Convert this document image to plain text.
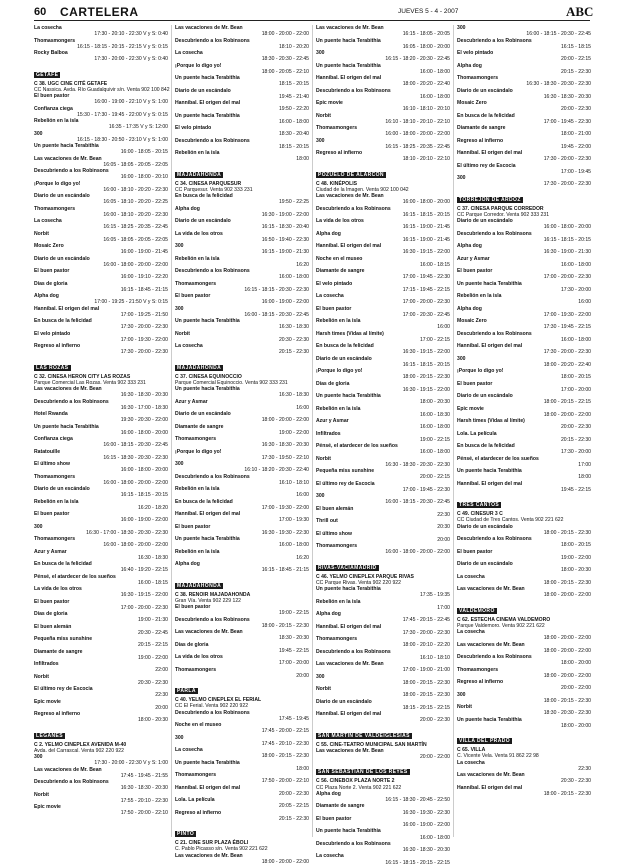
60 CARTELERA	JUEVES 5 - 4 - 2007	ABC
La cosecha
17:30 - 20:10 - 22:30 V y S: 0:40
Thomasmongers
16:15 - 18:15 - 20:15 - 22:15 V y S: 0:15
Rocky Balboa
17:30 - 20:00 - 22:30 V y S: 0:40
GETAFE
C 38. UGC CINE CITÉ GETAFE
CC Nassica. Avda. Río Guadalquivir s/n. Venta 902 100 842
El buen pastor
16:00 - 19:00 - 22:10 V y S: 1:00
Confianza ciega
15:30 - 17:30 - 19:45 - 22:00 V y S: 0:15
Rebelión en la isla
16:35 - 17:35 V y S: 12:00
300
16:15 - 18:30 - 20:50 - 23:10 V y S: 1:00
Un puente hacia Terabithia
16:00 - 18:05 - 20:15
Las vacaciones de Mr. Bean
16:05 - 18:05 - 20:05 - 22:05
Descubriendo a los Robinsons
16:00 - 18:00 - 20:10
¡Porque lo digo yo!
16:00 - 18:10 - 20:20 - 22:30
Diario de un escándalo
16:05 - 18:10 - 20:20 - 22:25
Thomasmongers
16:00 - 18:10 - 20:20 - 22:30
La cosecha
16:15 - 18:25 - 20:35 - 22:45
Norbit
16:05 - 18:05 - 20:05 - 22:05
Mosaic Zero
16:00 - 19:00 - 21:45
Diario de un escándalo
16:00 - 18:00 - 20:00 - 22:00
El buen pastor
16:00 - 19:10 - 22:20
Días de gloria
16:15 - 18:45 - 21:15
Alpha dog
17:00 - 19:25 - 21:50 V y S: 0:15
Hannibal. El origen del mal
17:00 - 19:25 - 21:50
En busca de la felicidad
17:30 - 20:00 - 22:30
El velo pintado
17:00 - 19:30 - 22:00
Regreso al infierno
17:30 - 20:00 - 22:30
LAS ROZAS
C 32. CINESA HERON CITY LAS ROZAS
Parque Comercial Las Rozas. Venta 902 333 231
Las vacaciones de Mr. Bean
16:30 - 18:30 - 20:30
Descubriendo a los Robinsons
16:30 - 17:00 - 18:30
Hotel Rwanda
19:30 - 20:30 - 22:00
Un puente hacia Terabithia
16:00 - 18:00 - 20:00
Confianza ciega
16:00 - 18:15 - 20:30 - 22:45
Ratatouille
16:15 - 18:30 - 20:30 - 22:30
El último show
16:00 - 18:00 - 20:00
Thomasmongers
16:00 - 18:00 - 20:00 - 22:00
Diario de un escándalo
16:15 - 18:15 - 20:15
Rebelión en la isla
16:20 - 18:20
El buen pastor
16:00 - 19:00 - 22:00
300
16:30 - 17:00 - 18:30 - 20:30 - 22:30
Thomasmongers
16:00 - 18:00 - 20:00 - 22:00
Azur y Asmar
16:30 - 18:30
En busca de la felicidad
16:40 - 19:20 - 22:15
Pénsé, el atardecer de los sueños
16:00 - 18:15
La vida de los otros
16:30 - 19:15 - 22:00
El buen pastor
17:00 - 20:00 - 22:30
Días de gloria
19:00 - 21:30
El buen alemán
20:30 - 22:45
Pequeña miss sunshine
20:15 - 22:15
Diamante de sangre
19:00 - 22:00
Infiltrados
22:00
Norbit
20:30 - 22:30
El último rey de Escocia
22:30
Epic movie
20:00
Regreso al infierno
18:00 - 20:30
LEGANÉS
C 2. YELMO CINEPLEX AVENIDA M-40
Avda. del Carrascal. Venta 902 220 922
300
17:30 - 20:00 - 22:30 V y S: 1:00
Las vacaciones de Mr. Bean
17:45 - 19:45 - 21:55
Descubriendo a los Robinsons
16:30 - 18:30 - 20:30
Norbit
17:55 - 20:10 - 22:30
Epic movie
17:50 - 20:00 - 22:10
Las vacaciones de Mr. Bean
18:00 - 20:00 - 22:00
Descubriendo a los Robinsons
18:10 - 20:20
La cosecha
18:30 - 20:30 - 22:45
¡Porque lo digo yo!
18:00 - 20:05 - 22:10
Un puente hacia Terabithia
18:15 - 20:15
Diario de un escándalo
19:45 - 21:40
Hannibal. El origen del mal
19:50 - 22:20
Un puente hacia Terabithia
16:00 - 18:00
El velo pintado
18:30 - 20:40
Descubriendo a los Robinsons
18:15 - 20:15
Rebelión en la isla
18:00
MAJADAHONDA
C 34. CINESA PARQUESUR
CC Parquesur. Venta 902 333 231
En busca de la felicidad
19:50 - 22:25
Alpha dog
16:30 - 19:00 - 22:00
Diario de un escándalo
16:15 - 18:30 - 20:40
La vida de los otros
16:50 - 19:40 - 22:30
300
16:15 - 19:00 - 21:30
Rebelión en la isla
16:20
Descubriendo a los Robinsons
16:00 - 18:00
Thomasmongers
16:15 - 18:15 - 20:30 - 22:30
El buen pastor
16:00 - 19:00 - 22:00
300
16:00 - 18:15 - 20:30 - 22:45
Un puente hacia Terabithia
16:30 - 18:30
Norbit
20:30 - 22:30
La cosecha
20:15 - 22:30
MAJADAHONDA
C 37. CINESA EQUINOCCIO
Parque Comercial Equinoccio. Venta 902 333 231
Un puente hacia Terabithia
16:30 - 18:30
Azur y Asmar
16:00
Diario de un escándalo
18:00 - 20:00 - 22:00
Diamante de sangre
19:00 - 22:00
Thomasmongers
16:30 - 18:30 - 20:30
¡Porque lo digo yo!
17:30 - 19:50 - 22:10
300
16:10 - 18:20 - 20:30 - 22:40
Descubriendo a los Robinsons
16:10 - 18:10
Rebelión en la isla
16:00
En busca de la felicidad
17:00 - 19:30 - 22:00
Hannibal. El origen del mal
17:00 - 19:30
El buen pastor
16:30 - 19:30 - 22:30
Un puente hacia Terabithia
16:00 - 18:00
Rebelión en la isla
16:20
Alpha dog
16:15 - 18:45 - 21:15
MAJADAHONDA
C 38. RENOIR MAJADAHONDA
Gran Vía. Venta 902 229 122
El buen pastor
19:00 - 22:15
Descubriendo a los Robinsons
18:00 - 20:15 - 22:30
Las vacaciones de Mr. Bean
18:30 - 20:30
Días de gloria
19:45 - 22:15
La vida de los otros
17:00 - 20:00
Thomasmongers
20:00
PARLA
C 40. YELMO CINEPLEX EL FERIAL
CC El Ferial. Venta 902 220 922
Descubriendo a los Robinsons
17:45 - 19:45
Noche en el museo
17:45 - 20:00 - 22:15
300
17:45 - 20:10 - 22:30
La cosecha
18:00 - 20:15 - 22:30
Un puente hacia Terabithia
18:00
Thomasmongers
17:50 - 20:00 - 22:10
Hannibal. El origen del mal
20:00 - 22:30
Lola. La película
20:05 - 22:15
Regreso al infierno
20:15 - 22:30
PINTO
C 21. CINE SUR PLAZA ÉBOLI
C. Pablo Picasso s/n. Venta 902 221 622
Las vacaciones de Mr. Bean
18:00 - 20:00 - 22:00
Las vacaciones de Mr. Bean
16:15 - 18:05 - 20:05
Un puente hacia Terabithia
16:05 - 18:00 - 20:00
300
16:15 - 18:20 - 20:30 - 22:45
Un puente hacia Terabithia
16:00 - 18:00
Hannibal. El origen del mal
18:00 - 20:20 - 22:40
Descubriendo a los Robinsons
16:00 - 18:00
Epic movie
16:10 - 18:10 - 20:10
Norbit
16:10 - 18:10 - 20:10 - 22:10
Thomasmongers
16:00 - 18:00 - 20:00 - 22:00
300
16:15 - 18:25 - 20:35 - 22:45
Regreso al infierno
18:10 - 20:10 - 22:10
POZUELO DE ALARCÓN
C 48. KINÉPOLIS
Ciudad de la Imagen. Venta 902 100 042
Las vacaciones de Mr. Bean
16:00 - 18:00 - 20:00
Descubriendo a los Robinsons
16:15 - 18:15 - 20:15
La vida de los otros
16:15 - 19:00 - 21:45
Alpha dog
16:15 - 19:00 - 21:45
Hannibal. El origen del mal
16:30 - 19:15 - 22:00
Noche en el museo
16:00 - 18:15
Diamante de sangre
17:00 - 19:45 - 22:30
El velo pintado
17:15 - 19:45 - 22:15
La cosecha
17:00 - 20:00 - 22:30
El buen pastor
17:00 - 20:30 - 22:45
Rebelión en la isla
16:00
Harsh times (Vidas al límite)
17:00 - 22:15
En busca de la felicidad
16:30 - 19:15 - 22:00
Diario de un escándalo
16:15 - 18:15 - 20:15
¡Porque lo digo yo!
18:00 - 20:15 - 22:30
Días de gloria
16:30 - 19:15 - 22:00
Un puente hacia Terabithia
18:00 - 20:30
Rebelión en la isla
16:00 - 18:30
Azur y Asmar
16:00 - 18:00
Infiltrados
19:00 - 22:15
Pénsé, el atardecer de los sueños
16:00 - 18:00
Norbit
16:30 - 18:30 - 20:30 - 22:30
Pequeña miss sunshine
20:00 - 22:15
El último rey de Escocia
17:00 - 19:45 - 22:30
300
16:00 - 18:15 - 20:30 - 22:45
El buen alemán
22:30
Thrill out
20:30
El último show
20:00
Thomasmongers
16:00 - 18:00 - 20:00 - 22:00
RIVAS-VACIAMADRID
C 46. YELMO CINEPLEX PARQUE RIVAS
CC Parque Rivas. Venta 902 220 922
Un puente hacia Terabithia
17:35 - 19:35
Rebelión en la isla
17:00
Alpha dog
17:45 - 20:15 - 22:45
Hannibal. El origen del mal
17:30 - 20:00 - 22:30
Thomasmongers
18:00 - 20:10 - 22:20
Descubriendo a los Robinsons
16:10 - 18:10
Las vacaciones de Mr. Bean
17:00 - 19:00 - 21:00
300
18:00 - 20:15 - 22:30
Norbit
18:00 - 20:15 - 22:30
Diario de un escándalo
18:15 - 20:15 - 22:15
Hannibal. El origen del mal
20:00 - 22:30
SAN MARTÍN DE VALDEIGLESIAS
C 55. CINE-TEATRO MUNICIPAL SAN MARTÍN
Las vacaciones de Mr. Bean
20:00 - 22:00
SAN SEBASTIÁN DE LOS REYES
C 56. CINEBOX PLAZA NORTE 2
CC Plaza Norte 2. Venta 902 221 622
Alpha dog
16:15 - 18:30 - 20:45 - 22:50
Diamante de sangre
16:30 - 19:30 - 22:30
El buen pastor
16:00 - 19:00 - 22:00
Un puente hacia Terabithia
16:00 - 18:00
Descubriendo a los Robinsons
16:30 - 18:30 - 20:30
La cosecha
16:15 - 18:15 - 20:15 - 22:15
300
16:00 - 18:15 - 20:30 - 22:45
Descubriendo a los Robinsons
16:15 - 18:15
El velo pintado
20:00 - 22:15
Alpha dog
20:15 - 22:30
Thomasmongers
16:30 - 18:30 - 20:30 - 22:30
Diario de un escándalo
16:30 - 18:30 - 20:30
Mosaic Zero
20:00 - 22:30
En busca de la felicidad
17:00 - 19:45 - 22:30
Diamante de sangre
18:00 - 21:00
Regreso al infierno
19:45 - 22:00
Hannibal. El origen del mal
17:30 - 20:00 - 22:30
El último rey de Escocia
17:00 - 19:45
300
17:30 - 20:00 - 22:30
TORREJÓN DE ARDOZ
C 37. CINESA PARQUE CORREDOR
CC Parque Corredor. Venta 902 333 231
Diario de un escándalo
16:00 - 18:00 - 20:00
Descubriendo a los Robinsons
16:15 - 18:15 - 20:15
Alpha dog
16:30 - 19:00 - 21:30
Azur y Asmar
16:00 - 18:00
El buen pastor
17:00 - 20:00 - 22:30
Un puente hacia Terabithia
17:30 - 20:00
Rebelión en la isla
16:00
Alpha dog
17:00 - 19:30 - 22:00
Mosaic Zero
17:30 - 19:45 - 22:15
Descubriendo a los Robinsons
16:00 - 18:00
Hannibal. El origen del mal
17:30 - 20:00 - 22:30
300
18:00 - 20:20 - 22:40
¡Porque lo digo yo!
18:00 - 20:15
El buen pastor
17:00 - 20:00
Diario de un escándalo
18:00 - 20:15 - 22:15
Epic movie
18:00 - 20:00 - 22:00
Harsh times (Vidas al límite)
20:00 - 22:30
Lola. La película
20:15 - 22:30
En busca de la felicidad
17:30 - 20:00
Pénsé, el atardecer de los sueños
17:00
Un puente hacia Terabithia
18:00
Hannibal. El origen del mal
19:45 - 22:15
TRES CANTOS
C 49. CINESUR 3 C
CC Ciudad de Tres Cantos. Venta 902 221 622
Diario de un escándalo
18:00 - 20:15 - 22:30
Descubriendo a los Robinsons
18:00 - 20:15
El buen pastor
19:00 - 22:00
Diario de un escándalo
18:00 - 20:30
La cosecha
18:00 - 20:15 - 22:30
Las vacaciones de Mr. Bean
18:00 - 20:00 - 22:00
VALDEMORO
C 62. ESTECHA CINEMA VALDEMORO
Parque Valdemoro. Venta 902 221 622
La cosecha
18:00 - 20:00 - 22:00
Las vacaciones de Mr. Bean
18:00 - 20:00 - 22:00
Descubriendo a los Robinsons
18:00 - 20:00
Thomasmongers
18:00 - 20:00 - 22:00
Regreso al infierno
20:00 - 22:00
300
18:00 - 20:15 - 22:30
Norbit
18:30 - 20:30 - 22:30
Un puente hacia Terabithia
18:00 - 20:00
VILLA DEL PRADO
C 65. VILLA
C. Vicente Vela. Venta 91 862 22 98
La cosecha
22:30
Las vacaciones de Mr. Bean
20:30 - 22:30
Hannibal. El origen del mal
18:00 - 20:15 - 22:30
